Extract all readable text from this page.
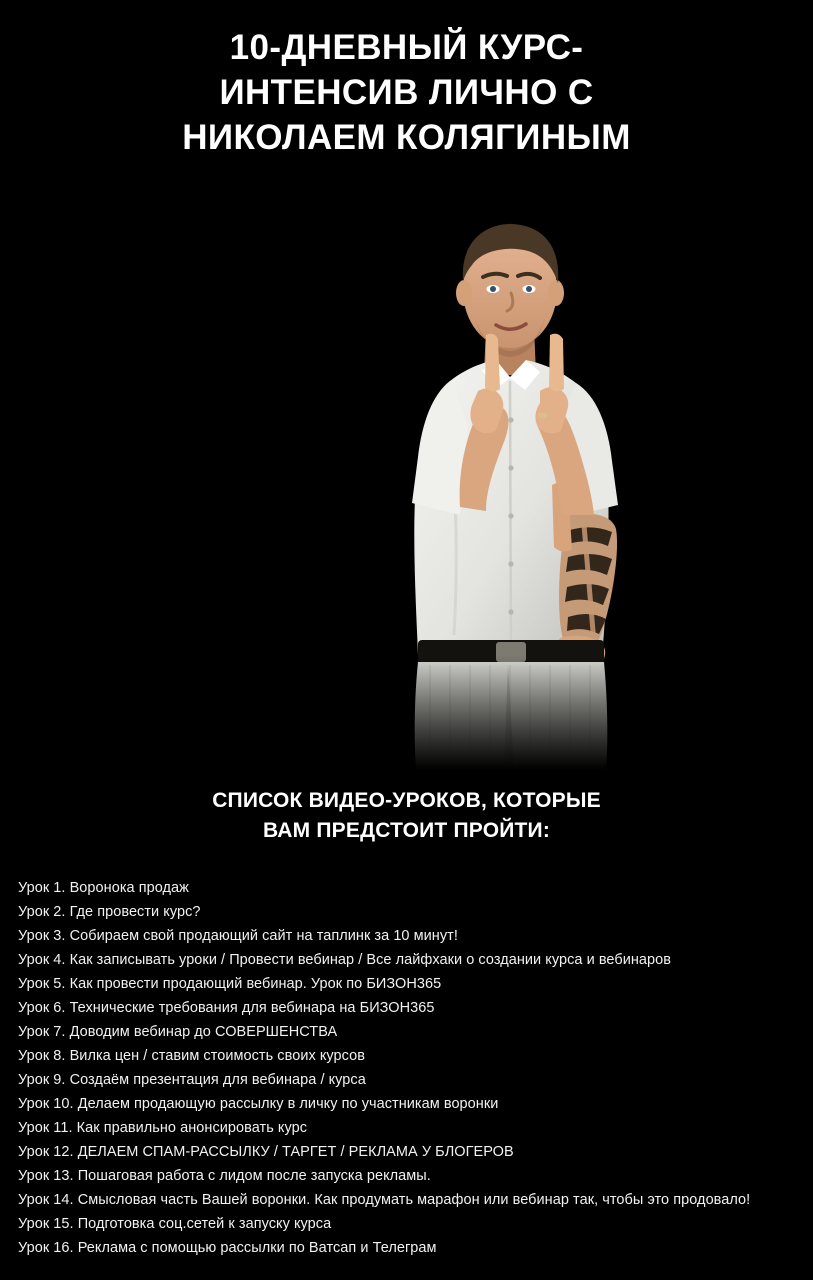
10-ДНЕВНЫЙ КУРС-
ИНТЕНСИВ ЛИЧНО С
НИКОЛАЕМ КОЛЯГИНЫМ
СПИСОК ВИДЕО-УРОКОВ, КОТОРЫЕ
ВАМ ПРЕДСТОИТ ПРОЙТИ:
Урок 1. Воронока продаж
Урок 2. Где провести курс?
Урок 3. Собираем свой продающий сайт на таплинк за 10 минут!
Урок 4. Как записывать уроки / Провести вебинар / Все лайфхаки о создании курса и вебинаров
Урок 5. Как провести продающий вебинар. Урок по БИЗОН365
Урок 6. Технические требования для вебинара на БИЗОН365
Урок 7. Доводим вебинар до СОВЕРШЕНСТВА
Урок 8. Вилка цен / ставим стоимость своих курсов
Урок 9. Создаём презентация для вебинара / курса
Урок 10. Делаем продающую рассылку в личку по участникам воронки
Урок 11. Как правильно анонсировать курс
Урок 12. ДЕЛАЕМ СПАМ-РАССЫЛКУ / ТАРГЕТ / РЕКЛАМА У БЛОГЕРОВ
Урок 13. Пошаговая работа с лидом после запуска рекламы.
Урок 14. Смысловая часть Вашей воронки. Как продумать марафон или вебинар так, чтобы это продовало!
Урок 15. Подготовка соц.сетей к запуску курса
Урок 16. Реклама с помощью рассылки по Ватсап и Телеграм
